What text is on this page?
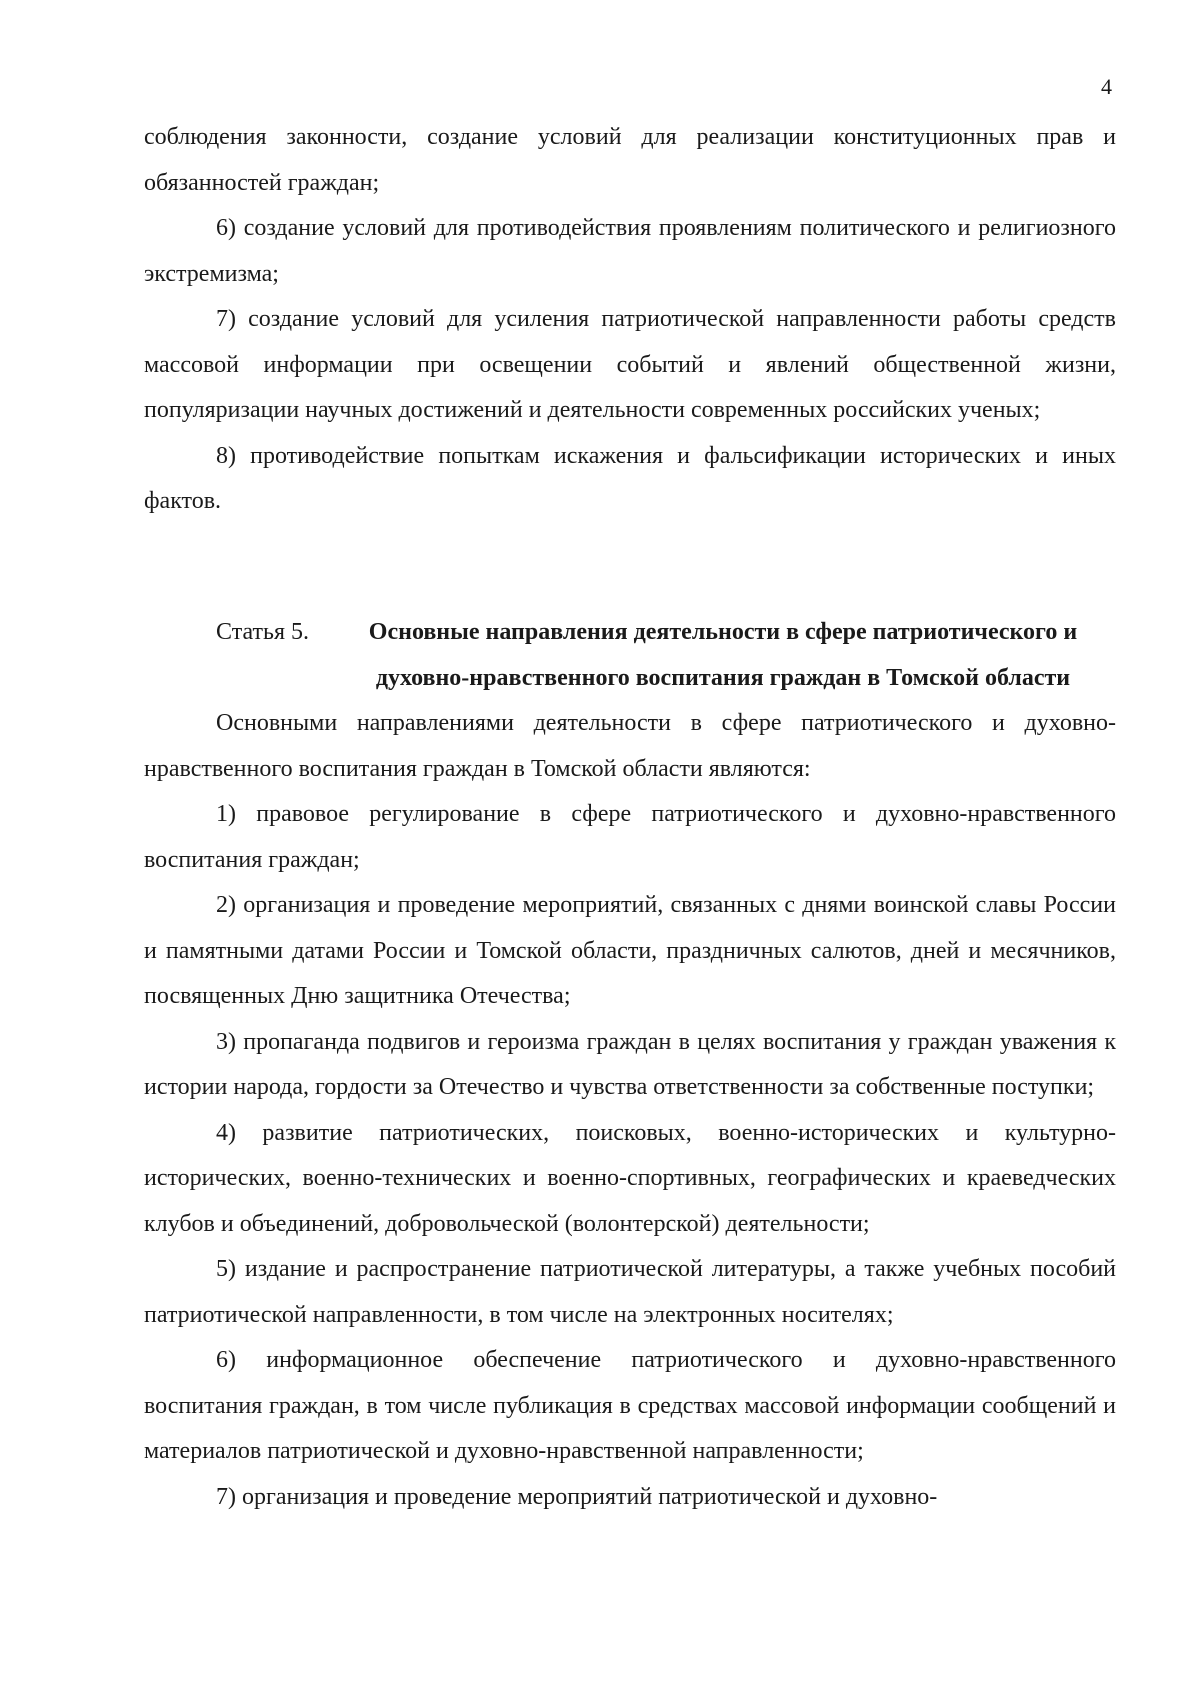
4

соблюдения законности, создание условий для реализации конституционных прав и обязанностей граждан;

6) создание условий для противодействия проявлениям политического и религиозного экстремизма;

7) создание условий для усиления патриотической направленности работы средств массовой информации при освещении событий и явлений общественной жизни, популяризации научных достижений и деятельности современных российских ученых;

8) противодействие попыткам искажения и фальсификации исторических и иных фактов.

Статья 5.	Основные направления деятельности в сфере патриотического и духовно-нравственного воспитания граждан в Томской области

Основными направлениями деятельности в сфере патриотического и духовно-нравственного воспитания граждан в Томской области являются:

1) правовое регулирование в сфере патриотического и духовно-нравственного воспитания граждан;

2) организация и проведение мероприятий, связанных с днями воинской славы России и памятными датами России и Томской области, праздничных салютов, дней и месячников, посвященных Дню защитника Отечества;

3) пропаганда подвигов и героизма граждан в целях воспитания у граждан уважения к истории народа, гордости за Отечество и чувства ответственности за собственные поступки;

4) развитие патриотических, поисковых, военно-исторических и культурно-исторических, военно-технических и военно-спортивных, географических и краеведческих клубов и объединений, добровольческой (волонтерской) деятельности;

5) издание и распространение патриотической литературы, а также учебных пособий патриотической направленности, в том числе на электронных носителях;

6) информационное обеспечение патриотического и духовно-нравственного воспитания граждан, в том числе публикация в средствах массовой информации сообщений и материалов патриотической и духовно-нравственной направленности;

7) организация и проведение мероприятий патриотической и духовно-
